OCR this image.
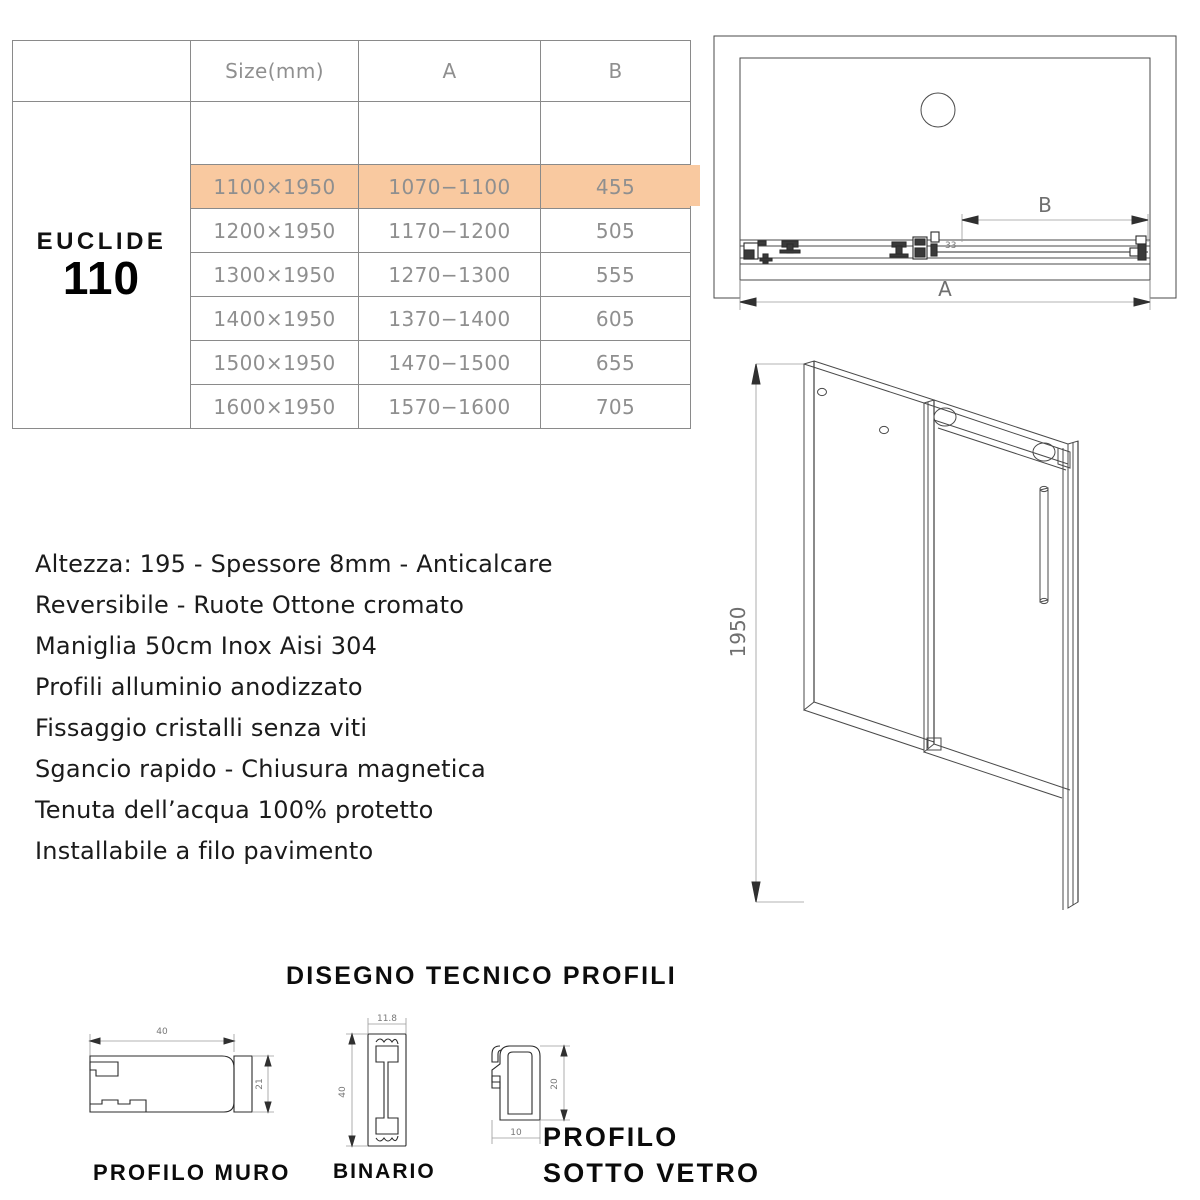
	Size(mm)	A	B

EUCLIDE
110			

	1100×1950	1070−1100	455
	1200×1950	1170−1200	505
	1300×1950	1270−1300	555
	1400×1950	1370−1400	605
	1500×1950	1470−1500	655
	1600×1950	1570−1600	705
33
B
A
1950
Altezza: 195 - Spessore 8mm - Anticalcare
Reversibile - Ruote Ottone cromato
Maniglia 50cm Inox Aisi 304
Profili alluminio anodizzato
Fissaggio cristalli senza viti
Sgancio rapido - Chiusura magnetica
Tenuta dell’acqua 100% protetto
Installabile a filo pavimento
DISEGNO TECNICO PROFILI
40
21
11.8
40
10
20
PROFILO MURO BINARIO
PROFILO
SOTTO VETRO
